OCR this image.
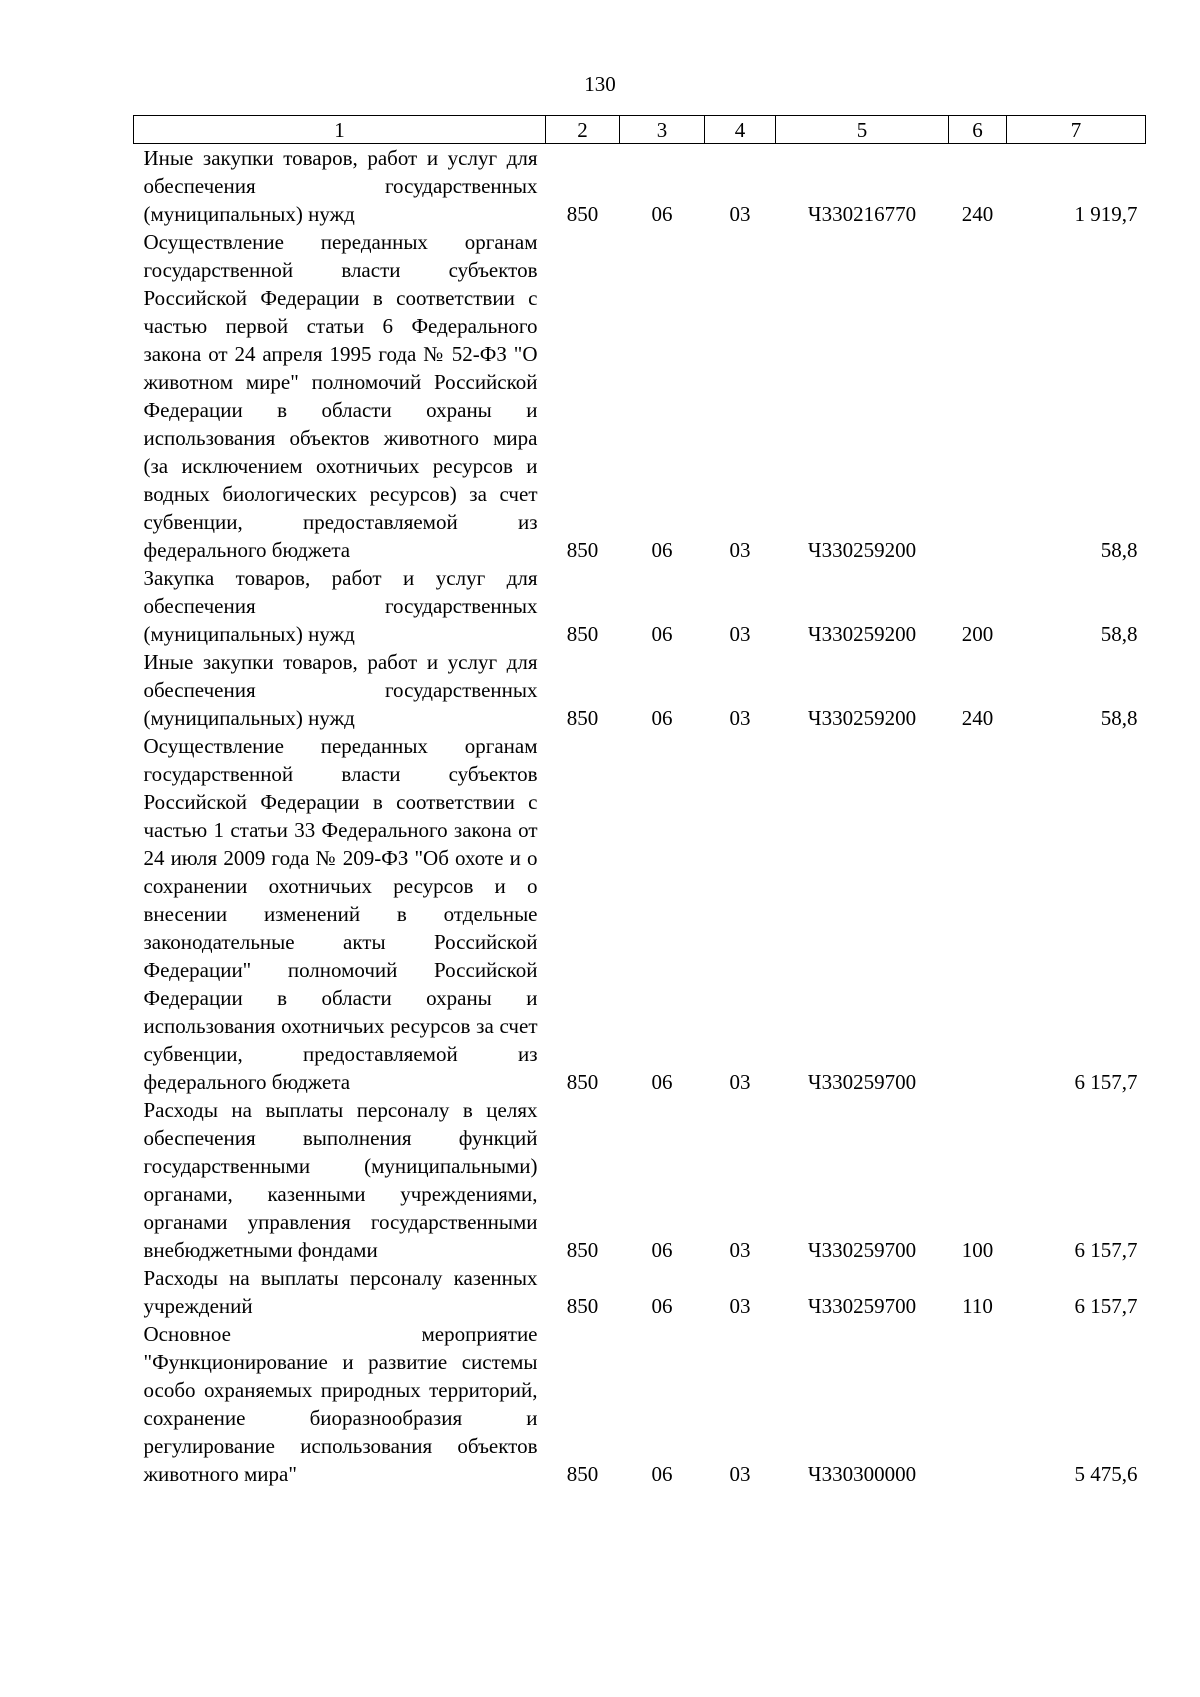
130
1	2	3	4	5	6	7
Иные закупки товаров, работ и услуг для обеспечения государственных (муниципальных) нужд	850	06	03	Ч330216770	240	1 919,7
Осуществление переданных органам государственной власти субъектов Российской Федерации в соответствии с частью первой статьи 6 Федерального закона от 24 апреля 1995 года № 52-ФЗ "О животном мире" полномочий Российской Федерации в области охраны и использования объектов животного мира (за исключением охотничьих ресурсов и водных биологических ресурсов) за счет субвенции, предоставляемой из федерального бюджета	850	06	03	Ч330259200		58,8
Закупка товаров, работ и услуг для обеспечения государственных (муниципальных) нужд	850	06	03	Ч330259200	200	58,8
Иные закупки товаров, работ и услуг для обеспечения государственных (муниципальных) нужд	850	06	03	Ч330259200	240	58,8
Осуществление переданных органам государственной власти субъектов Российской Федерации в соответствии с частью 1 статьи 33 Федерального закона от 24 июля 2009 года № 209-ФЗ "Об охоте и о сохранении охотничьих ресурсов и о внесении изменений в отдельные законодательные акты Российской Федерации" полномочий Российской Федерации в области охраны и использования охотничьих ресурсов за счет субвенции, предоставляемой из федерального бюджета	850	06	03	Ч330259700		6 157,7
Расходы на выплаты персоналу в целях обеспечения выполнения функций государственными (муниципальными) органами, казенными учреждениями, органами управления государственными внебюджетными фондами	850	06	03	Ч330259700	100	6 157,7
Расходы на выплаты персоналу казенных учреждений	850	06	03	Ч330259700	110	6 157,7
Основное мероприятие "Функционирование и развитие системы особо охраняемых природных территорий, сохранение биоразнообразия и регулирование использования объектов животного мира"	850	06	03	Ч330300000		5 475,6
